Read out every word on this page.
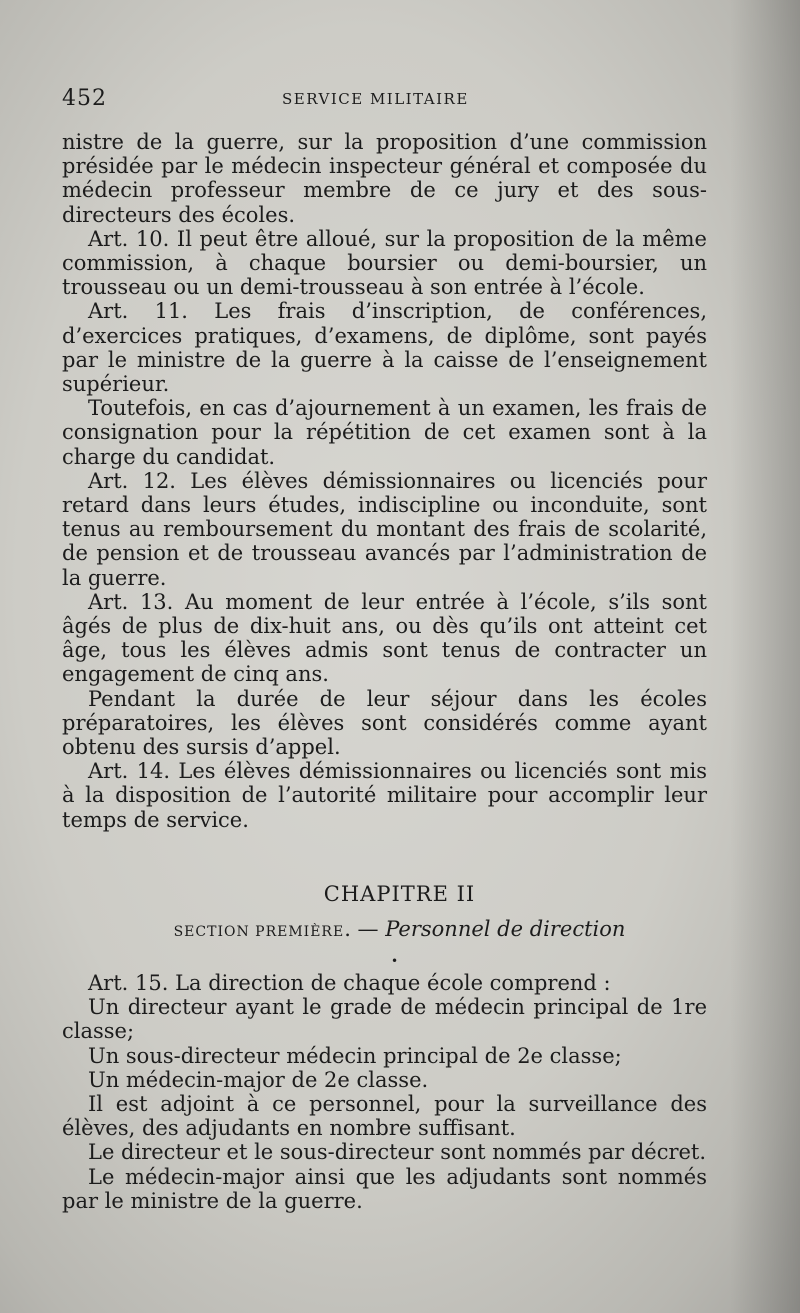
452	SERVICE MILITAIRE

nistre de la guerre, sur la proposition d’une commission présidée par le médecin inspecteur général et composée du médecin professeur membre de ce jury et des sous-directeurs des écoles.

Art. 10. Il peut être alloué, sur la proposition de la même commission, à chaque boursier ou demi-boursier, un trousseau ou un demi-trousseau à son entrée à l’école.

Art. 11. Les frais d’inscription, de conférences, d’exercices pratiques, d’examens, de diplôme, sont payés par le ministre de la guerre à la caisse de l’enseignement supérieur.

Toutefois, en cas d’ajournement à un examen, les frais de consignation pour la répétition de cet examen sont à la charge du candidat.

Art. 12. Les élèves démissionnaires ou licenciés pour retard dans leurs études, indiscipline ou inconduite, sont tenus au remboursement du montant des frais de scolarité, de pension et de trousseau avancés par l’administration de la guerre.

Art. 13. Au moment de leur entrée à l’école, s’ils sont âgés de plus de dix-huit ans, ou dès qu’ils ont atteint cet âge, tous les élèves admis sont tenus de contracter un engagement de cinq ans.

Pendant la durée de leur séjour dans les écoles préparatoires, les élèves sont considérés comme ayant obtenu des sursis d’appel.

Art. 14. Les élèves démissionnaires ou licenciés sont mis à la disposition de l’autorité militaire pour accomplir leur temps de service.

CHAPITRE II
SECTION PREMIÈRE. — Personnel de direction
•

Art. 15. La direction de chaque école comprend :

Un directeur ayant le grade de médecin principal de 1re classe;

Un sous-directeur médecin principal de 2e classe;

Un médecin-major de 2e classe.

Il est adjoint à ce personnel, pour la surveillance des élèves, des adjudants en nombre suffisant.

Le directeur et le sous-directeur sont nommés par décret.

Le médecin-major ainsi que les adjudants sont nommés par le ministre de la guerre.
